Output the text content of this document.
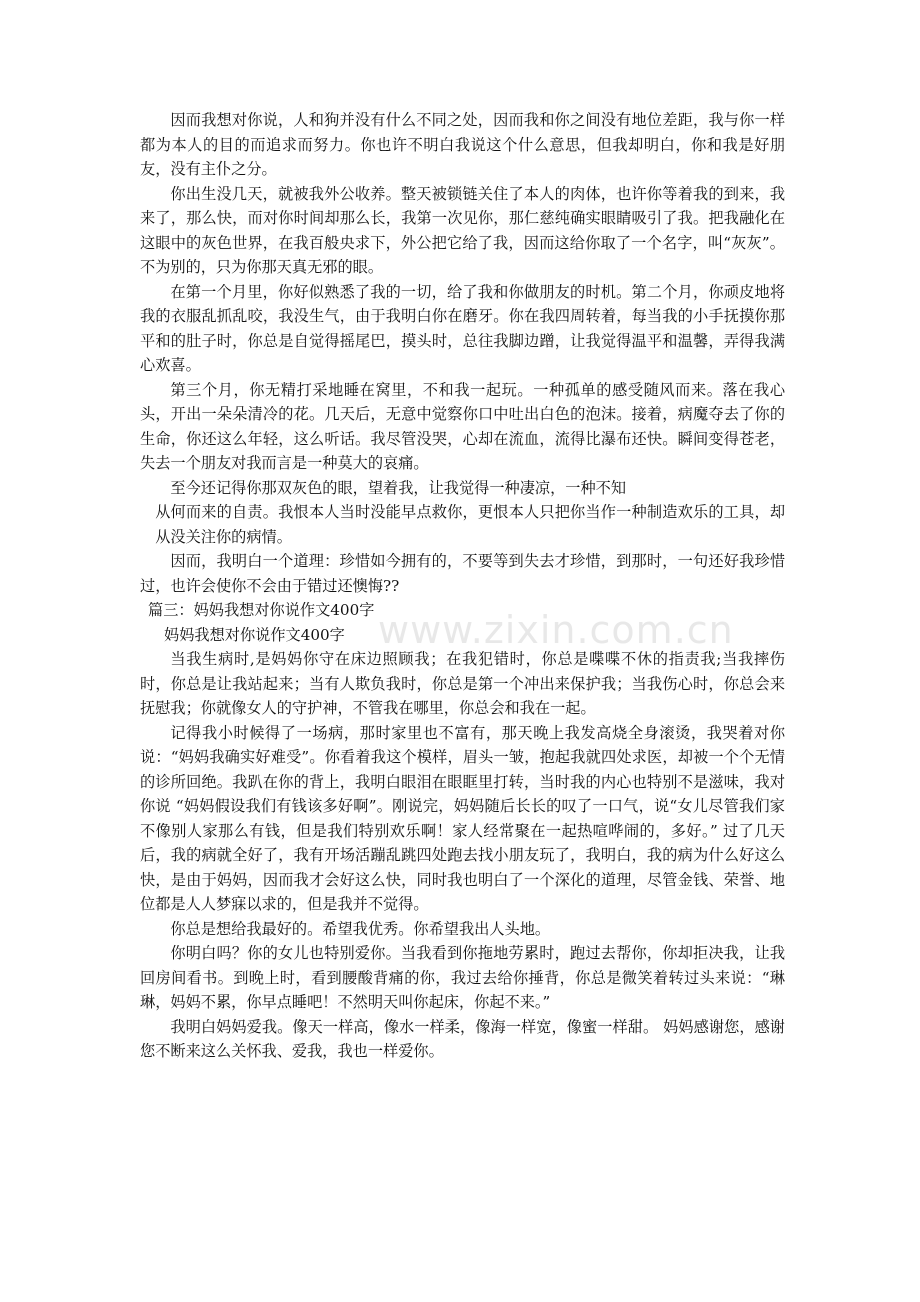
www.zixin.com.cn

因而我想对你说，人和狗并没有什么不同之处，因而我和你之间没有地位差距，我与你一样都为本人的目的而追求而努力。你也许不明白我说这个什么意思，但我却明白，你和我是好朋友，没有主仆之分。

你出生没几天，就被我外公收养。整天被锁链关住了本人的肉体，也许你等着我的到来，我来了，那么快，而对你时间却那么长，我第一次见你，那仁慈纯确实眼睛吸引了我。把我融化在这眼中的灰色世界，在我百般央求下，外公把它给了我，因而这给你取了一个名字，叫“灰灰”。不为别的，只为你那天真无邪的眼。

在第一个月里，你好似熟悉了我的一切，给了我和你做朋友的时机。第二个月，你顽皮地将我的衣服乱抓乱咬，我没生气，由于我明白你在磨牙。你在我四周转着，每当我的小手抚摸你那平和的肚子时，你总是自觉得摇尾巴，摸头时，总往我脚边蹭，让我觉得温平和温馨，弄得我满心欢喜。

第三个月，你无精打采地睡在窝里，不和我一起玩。一种孤单的感受随风而来。落在我心头，开出一朵朵清冷的花。几天后，无意中觉察你口中吐出白色的泡沫。接着，病魔夺去了你的生命，你还这么年轻，这么听话。我尽管没哭，心却在流血，流得比瀑布还快。瞬间变得苍老，失去一个朋友对我而言是一种莫大的哀痛。

至今还记得你那双灰色的眼，望着我，让我觉得一种凄凉，一种不知

从何而来的自责。我恨本人当时没能早点救你，更恨本人只把你当作一种制造欢乐的工具，却从没关注你的病情。

因而，我明白一个道理：珍惜如今拥有的，不要等到失去才珍惜，到那时，一句还好我珍惜过，也许会使你不会由于错过还懊悔??

篇三：妈妈我想对你说作文400字

妈妈我想对你说作文400字

当我生病时,是妈妈你守在床边照顾我；在我犯错时，你总是喋喋不休的指责我;当我摔伤时，你总是让我站起来；当有人欺负我时，你总是第一个冲出来保护我；当我伤心时，你总会来抚慰我；你就像女人的守护神，不管我在哪里，你总会和我在一起。

记得我小时候得了一场病，那时家里也不富有，那天晚上我发高烧全身滚烫，我哭着对你说：“妈妈我确实好难受”。你看着我这个模样，眉头一皱，抱起我就四处求医，却被一个个无情的诊所回绝。我趴在你的背上，我明白眼泪在眼眶里打转，当时我的内心也特别不是滋味，我对你说 “妈妈假设我们有钱该多好啊”。刚说完，妈妈随后长长的叹了一口气，说“女儿尽管我们家不像别人家那么有钱，但是我们特别欢乐啊！家人经常聚在一起热喧哗闹的，多好。” 过了几天后，我的病就全好了，我有开场活蹦乱跳四处跑去找小朋友玩了，我明白，我的病为什么好这么快，是由于妈妈，因而我才会好这么快，同时我也明白了一个深化的道理，尽管金钱、荣誉、地位都是人人梦寐以求的，但是我并不觉得。

你总是想给我最好的。希望我优秀。你希望我出人头地。

你明白吗？你的女儿也特别爱你。当我看到你拖地劳累时，跑过去帮你，你却拒决我，让我回房间看书。到晚上时，看到腰酸背痛的你，我过去给你捶背，你总是微笑着转过头来说：“琳琳，妈妈不累，你早点睡吧！不然明天叫你起床，你起不来。”

我明白妈妈爱我。像天一样高，像水一样柔，像海一样宽，像蜜一样甜。 妈妈感谢您，感谢您不断来这么关怀我、爱我，我也一样爱你。
